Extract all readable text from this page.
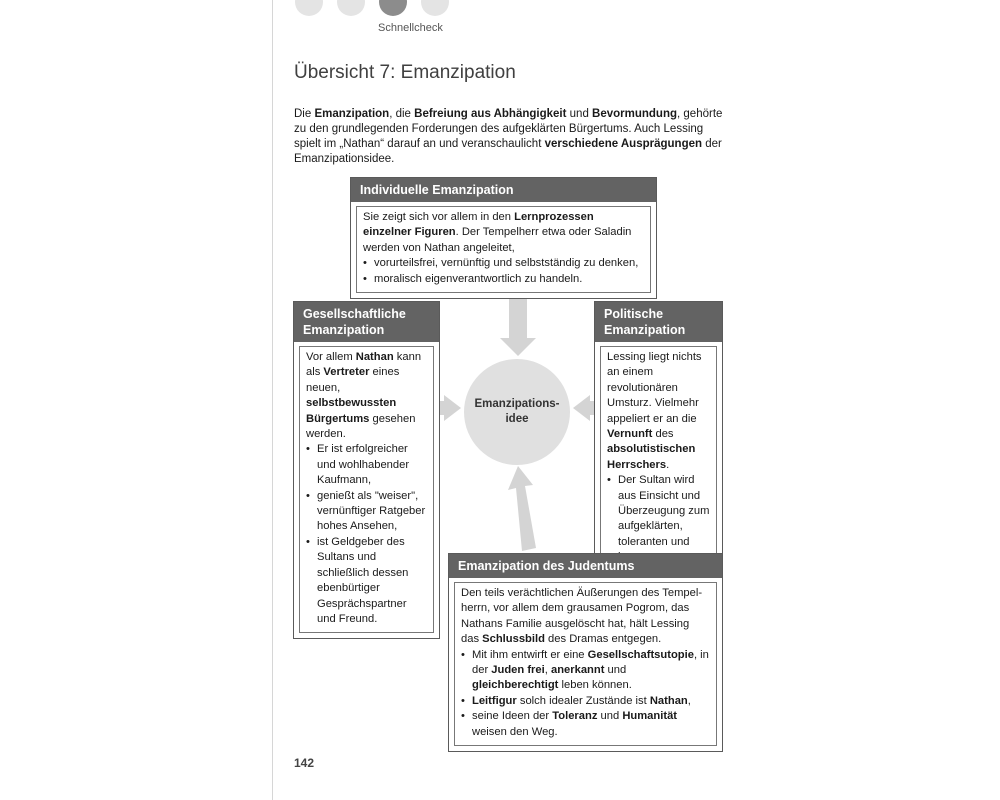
Schnellcheck
Übersicht 7: Emanzipation

Die Emanzipation, die Befreiung aus Abhängigkeit und Bevormundung, gehörte zu den grundlegenden Forderungen des aufgeklärten Bürgertums. Auch Lessing spielt im „Nathan“ darauf an und veranschaulicht verschiedene Ausprägungen der Emanzipationsidee.

Emanzipations-
idee
Individuelle Emanzipation
Sie zeigt sich vor allem in den Lernprozessen einzelner Figuren. Der Tempelherr etwa oder Saladin werden von Nathan angeleitet,
• vorurteilsfrei, vernünftig und selbstständig zu denken,
• moralisch eigenverantwortlich zu handeln.
Gesellschaftliche
Emanzipation
Vor allem Nathan kann als Vertreter eines neuen, selbstbewussten Bürgertums gesehen werden.
• Er ist erfolgreicher und wohlhabender Kaufmann,
• genießt als "weiser", vernünftiger Ratgeber hohes Ansehen,
• ist Geldgeber des Sultans und schließlich dessen ebenbürtiger Gesprächspartner und Freund.
Politische
Emanzipation
Lessing liegt nichts an einem revolutionären Umsturz. Vielmehr appeliert er an die Vernunft des absolutistischen Herrschers.
• Der Sultan wird aus Einsicht und Überzeugung zum aufgeklärten, toleranten und
Emanzipation des Judentums
Den teils verächtlichen Äußerungen des Tempelherrn, vor allem dem grausamen Pogrom, das Nathans Familie ausgelöscht hat, hält Lessing das Schlussbild des Dramas entgegen.
• Mit ihm entwirft er eine Gesellschaftsutopie, in der Juden frei, anerkannt und gleichberechtigt leben können.
• Leitfigur solch idealer Zustände ist Nathan,
• seine Ideen der Toleranz und Humanität weisen den Weg.
142
